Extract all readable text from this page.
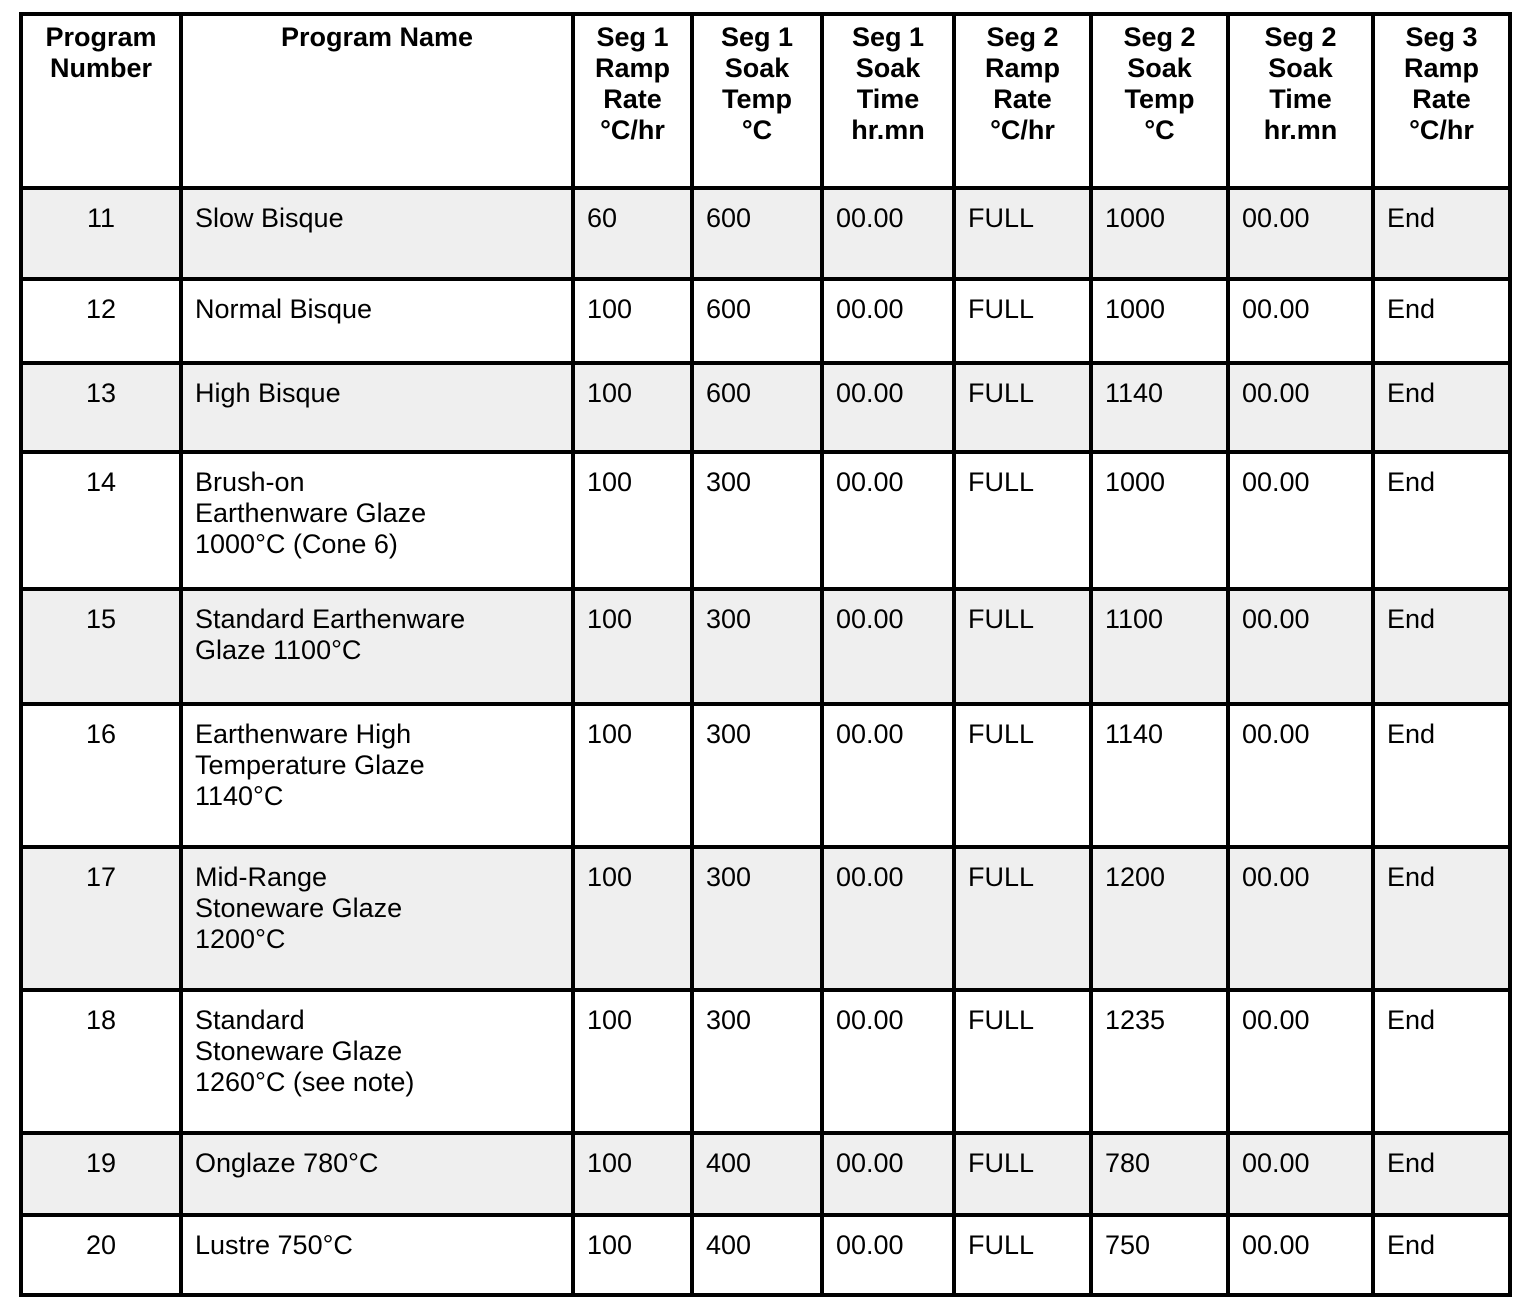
Program
Number	Program Name	Seg 1
Ramp
Rate
°C/hr	Seg 1
Soak
Temp
°C	Seg 1
Soak
Time
hr.mn	Seg 2
Ramp
Rate
°C/hr	Seg 2
Soak
Temp
°C	Seg 2
Soak
Time
hr.mn	Seg 3
Ramp
Rate
°C/hr
11	Slow Bisque	60	600	00.00	FULL	1000	00.00	End
12	Normal Bisque	100	600	00.00	FULL	1000	00.00	End
13	High Bisque	100	600	00.00	FULL	1140	00.00	End
14	Brush-on
Earthenware Glaze
1000°C (Cone 6)	100	300	00.00	FULL	1000	00.00	End
15	Standard Earthenware
Glaze 1100°C	100	300	00.00	FULL	1100	00.00	End
16	Earthenware High
Temperature Glaze
1140°C	100	300	00.00	FULL	1140	00.00	End
17	Mid-Range
Stoneware Glaze
1200°C	100	300	00.00	FULL	1200	00.00	End
18	Standard
Stoneware Glaze
1260°C (see note)	100	300	00.00	FULL	1235	00.00	End
19	Onglaze 780°C	100	400	00.00	FULL	780	00.00	End
20	Lustre 750°C	100	400	00.00	FULL	750	00.00	End
